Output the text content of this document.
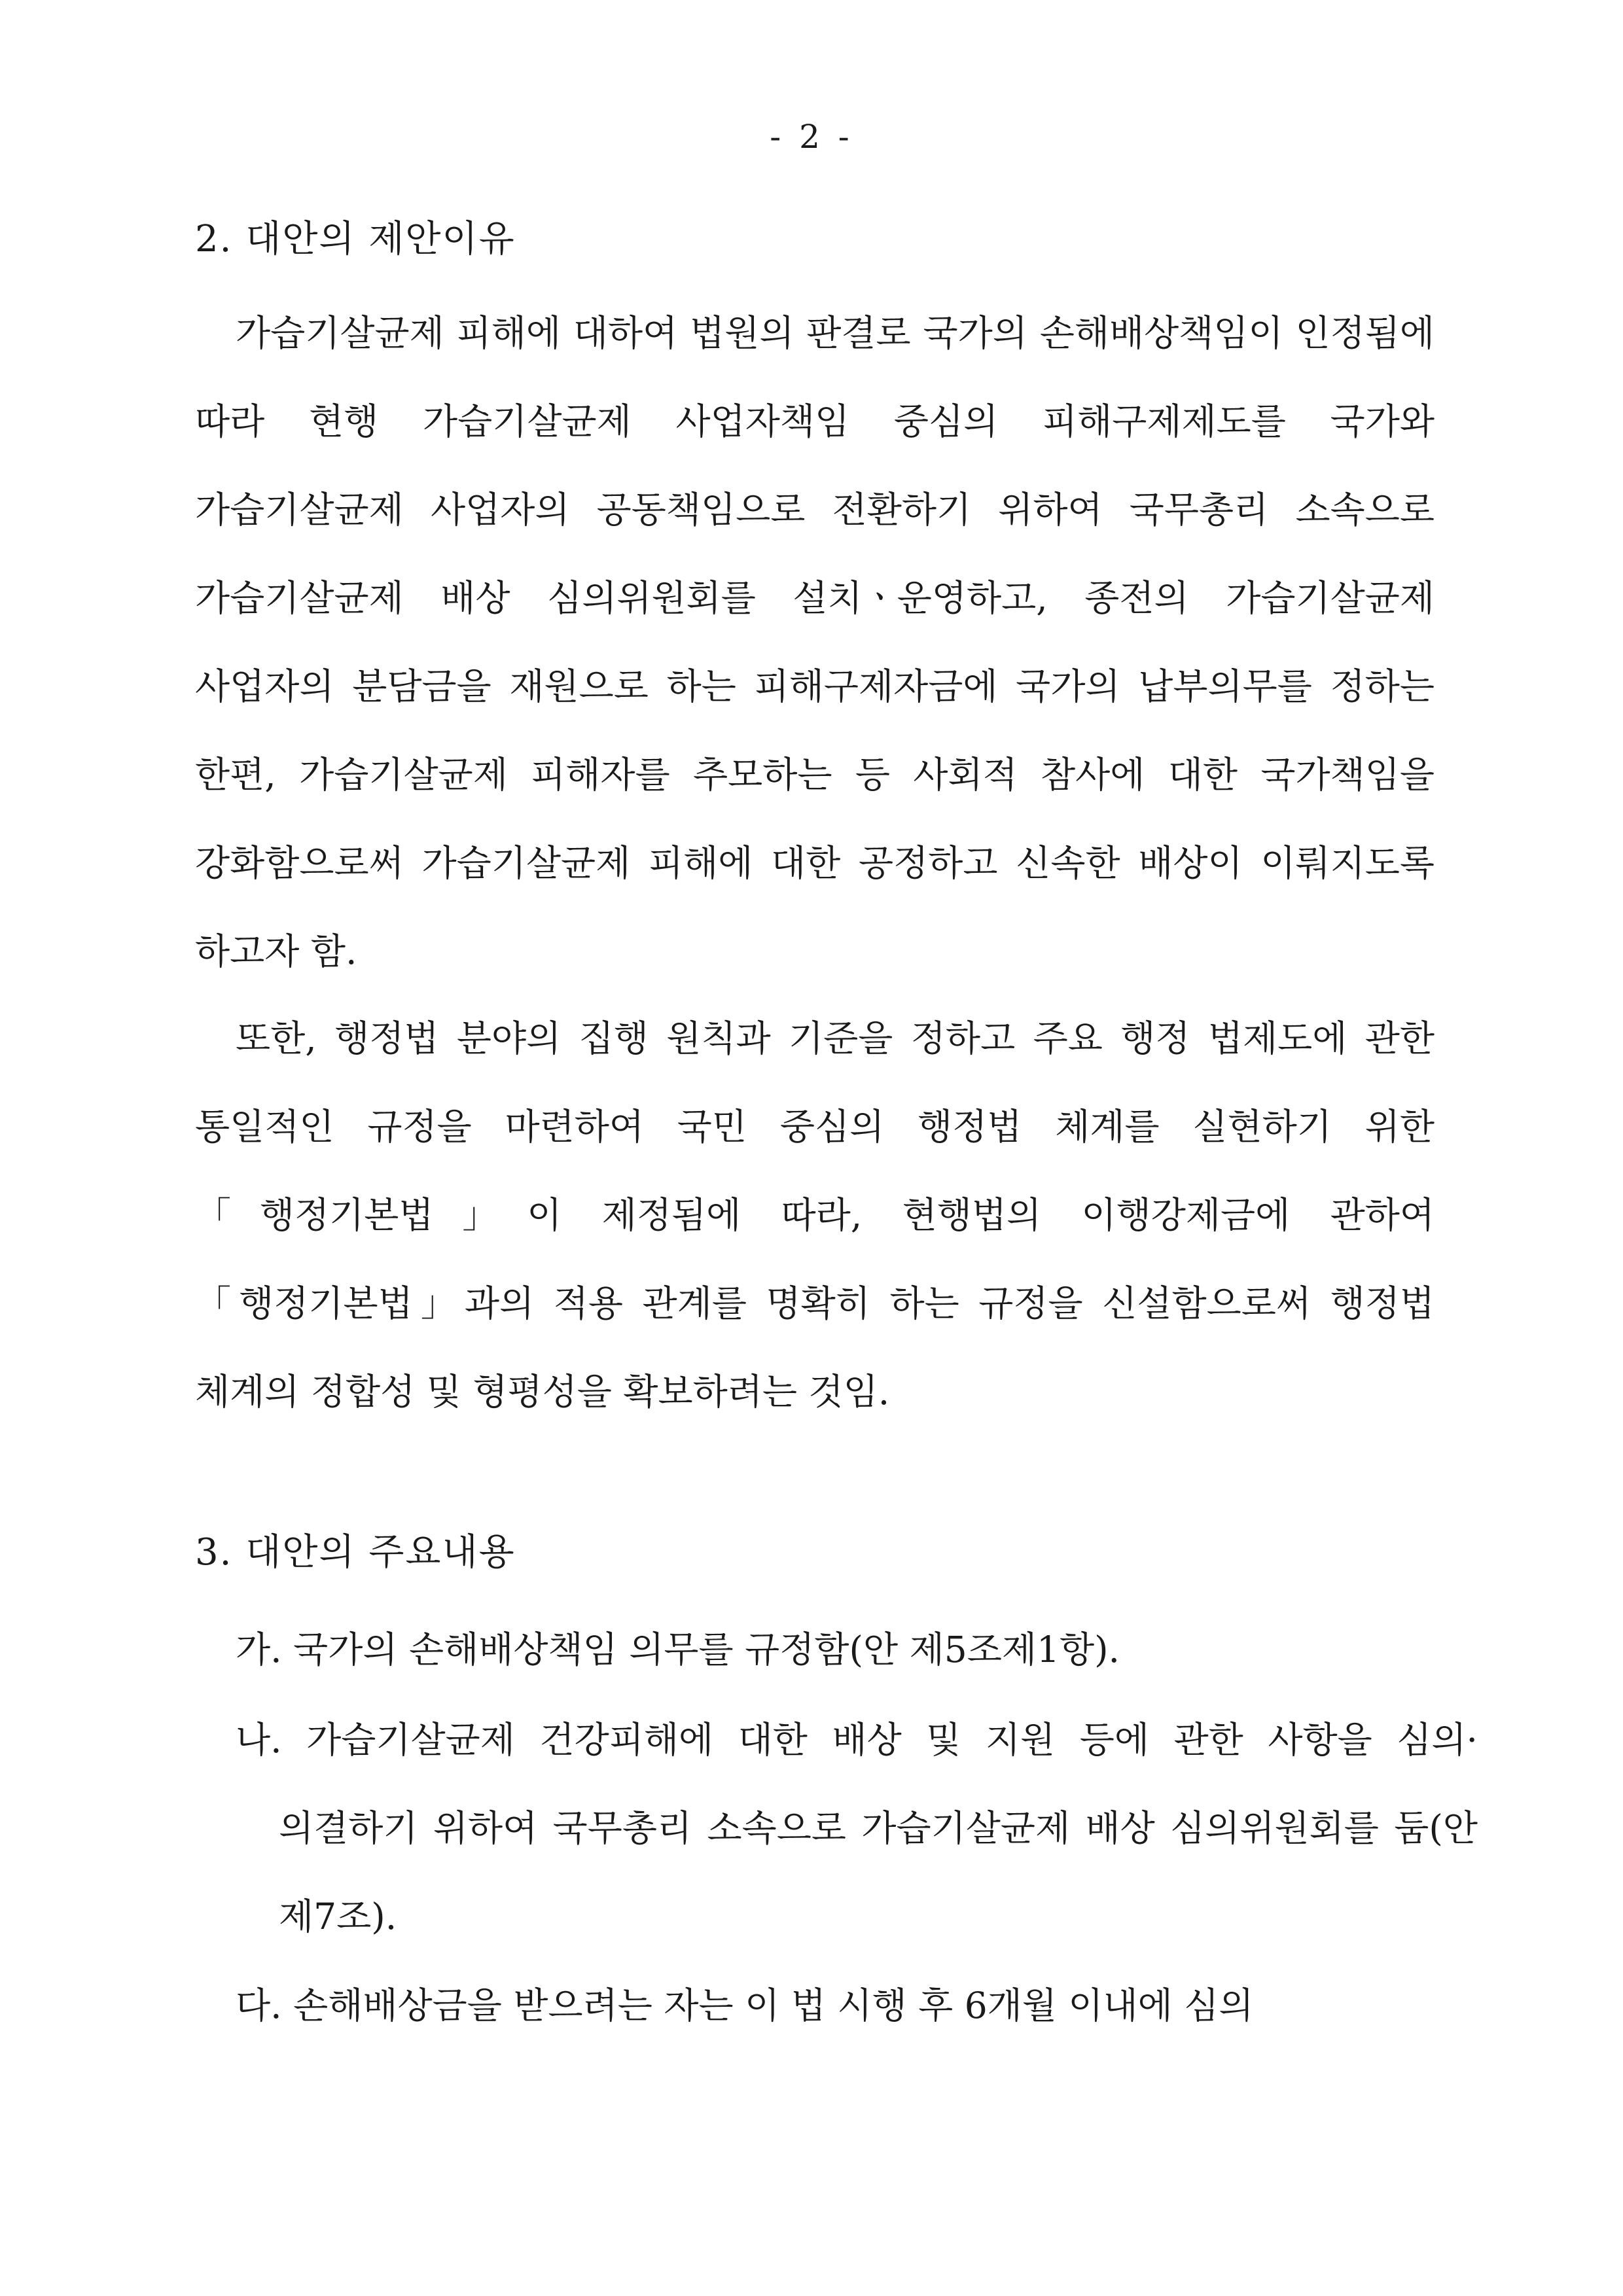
- 2 -
2. 대안의 제안이유

가습기살균제 피해에 대하여 법원의 판결로 국가의 손해배상책임이 인정됨에 따라 현행 가습기살균제 사업자책임 중심의 피해구제제도를 국가와 가습기살균제 사업자의 공동책임으로 전환하기 위하여 국무총리 소속으로 가습기살균제 배상 심의위원회를 설치ㆍ운영하고, 종전의 가습기살균제 사업자의 분담금을 재원으로 하는 피해구제자금에 국가의 납부의무를 정하는 한편, 가습기살균제 피해자를 추모하는 등 사회적 참사에 대한 국가책임을 강화함으로써 가습기살균제 피해에 대한 공정하고 신속한 배상이 이뤄지도록 하고자 함.

또한, 행정법 분야의 집행 원칙과 기준을 정하고 주요 행정 법제도에 관한 통일적인 규정을 마련하여 국민 중심의 행정법 체계를 실현하기 위한 「행정기본법」이 제정됨에 따라, 현행법의 이행강제금에 관하여 「행정기본법」과의 적용 관계를 명확히 하는 규정을 신설함으로써 행정법 체계의 정합성 및 형평성을 확보하려는 것임.

3. 대안의 주요내용

가. 국가의 손해배상책임 의무를 규정함(안 제5조제1항).

나. 가습기살균제 건강피해에 대한 배상 및 지원 등에 관한 사항을 심의·의결하기 위하여 국무총리 소속으로 가습기살균제 배상 심의위원회를 둠(안 제7조).

다. 손해배상금을 받으려는 자는 이 법 시행 후 6개월 이내에 심의
